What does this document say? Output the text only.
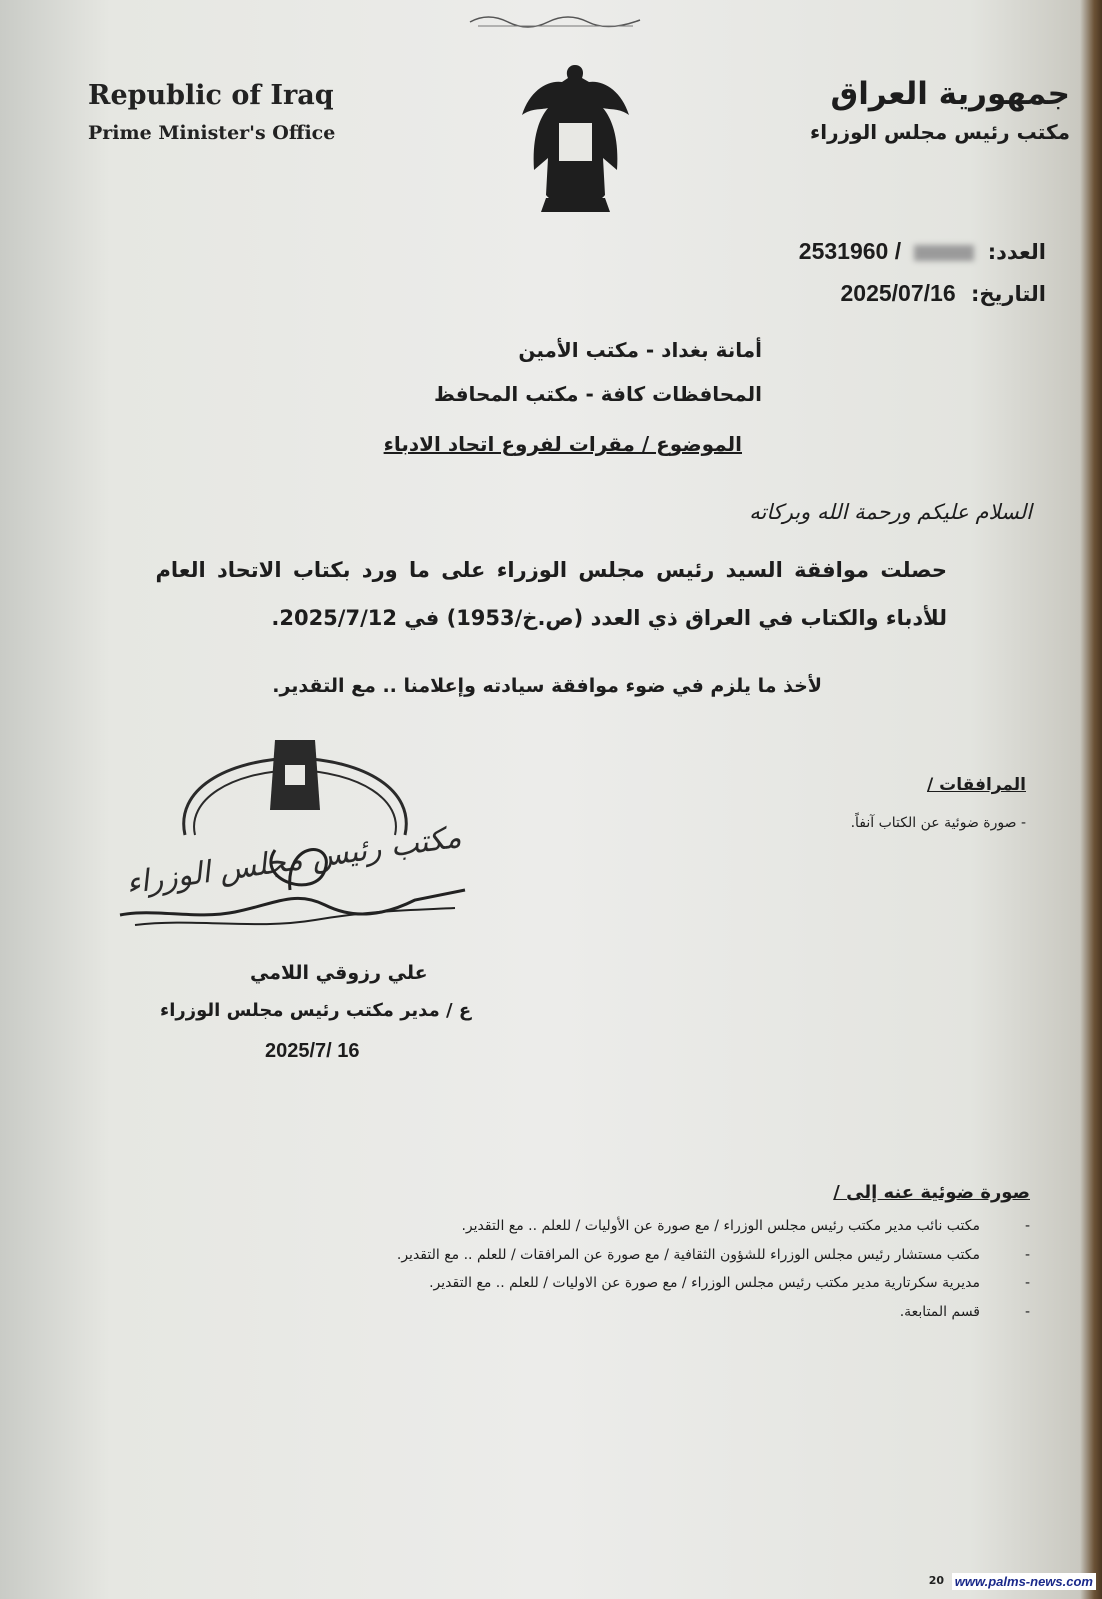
Republic of Iraq
Prime Minister's Office
جمهورية العراق
مكتب رئيس مجلس الوزراء
العدد:  2531960 /
التاريخ: 2025/07/16
أمانة بغداد - مكتب الأمين
المحافظات كافة - مكتب المحافظ
الموضوع / مقرات لفروع اتحاد الادباء
السلام عليكم ورحمة الله وبركاته
حصلت موافقة السيد رئيس مجلس الوزراء على ما ورد بكتاب الاتحاد العام
للأدباء والكتاب في العراق ذي العدد (ص.خ/1953) في 2025/7/12.
لأخذ ما يلزم في ضوء موافقة سيادته وإعلامنا .. مع التقدير.
المرافقات /
- صورة ضوئية عن الكتاب آنفاً.
مكتب رئيس مجلس الوزراء
علي رزوقي اللامي
ع / مدير مكتب رئيس مجلس الوزراء
2025/7/ 16
صورة ضوئية عنه إلى /
- مكتب نائب مدير مكتب رئيس مجلس الوزراء / مع صورة عن الأوليات / للعلم .. مع التقدير.
- مكتب مستشار رئيس مجلس الوزراء للشؤون الثقافية / مع صورة عن المرافقات / للعلم .. مع التقدير.
- مديرية سكرتارية مدير مكتب رئيس مجلس الوزراء / مع صورة عن الاوليات / للعلم .. مع التقدير.
- قسم المتابعة.
20 www.palms-news.com
